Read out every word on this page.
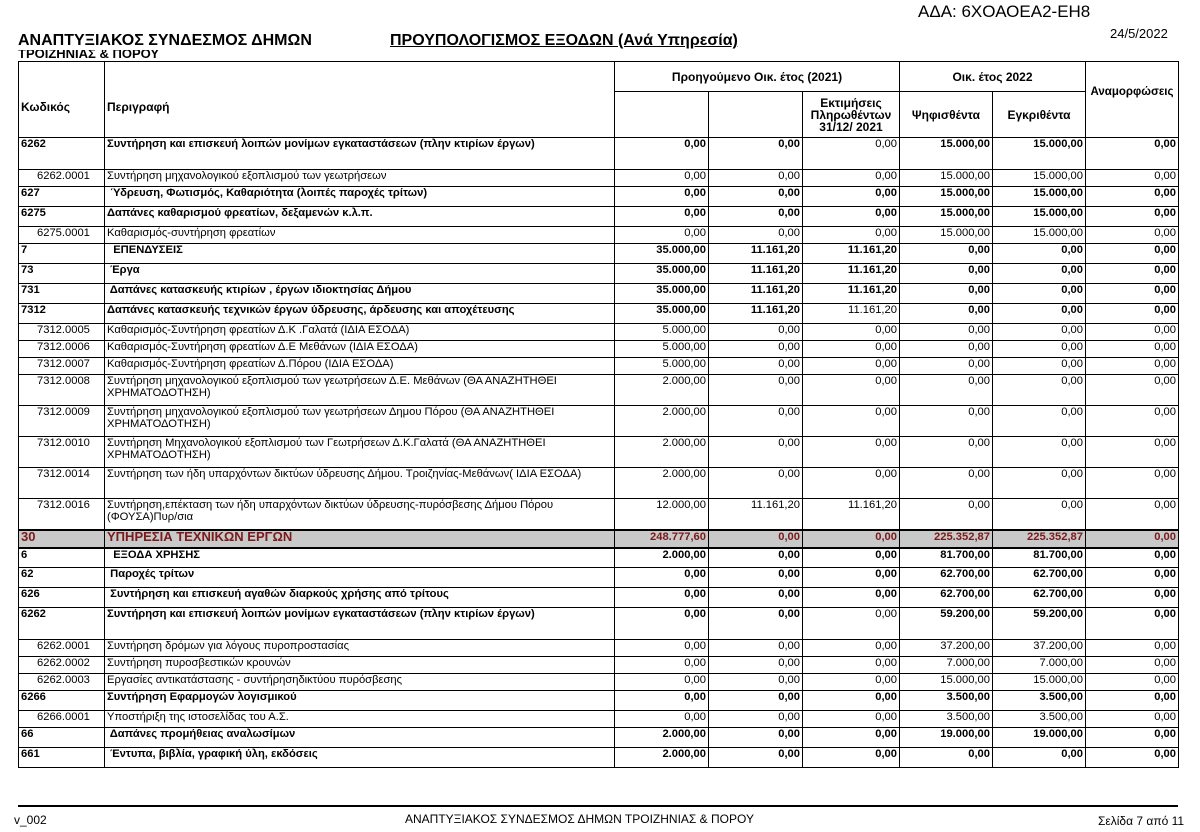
ΑΔΑ: 6ΧΟΑΟΕΑ2-ΕΗ8
24/5/2022
ΑΝΑΠΤΥΞΙΑΚΟΣ ΣΥΝΔΕΣΜΟΣ ΔΗΜΩΝ
ΤΡΟΙΖΗΝΙΑΣ & ΠΟΡΟΥ
ΠΡΟΥΠΟΛΟΓΙΣΜΟΣ ΕΞΟΔΩΝ (Ανά Υπηρεσία)
Κωδικός	Περιγραφή	Προηγούμενο Οικ. έτος (2021)			Οικ. έτος 2022		Αναμορφώσεις
				Εκτιμήσεις Πληρωθέντων 31/12/ 2021	Ψηφισθέντα	Εγκριθέντα	
6262	Συντήρηση και επισκευή λοιπών μονίμων εγκαταστάσεων (πλην κτιρίων έργων)	0,00	0,00	0,00	15.000,00	15.000,00	0,00
6262.0001	Συντήρηση μηχανολογικού εξοπλισμού των γεωτρήσεων	0,00	0,00	0,00	15.000,00	15.000,00	0,00
627	Ύδρευση, Φωτισμός, Καθαριότητα (λοιπές παροχές τρίτων)	0,00	0,00	0,00	15.000,00	15.000,00	0,00
6275	Δαπάνες καθαρισμού φρεατίων, δεξαμενών κ.λ.π.	0,00	0,00	0,00	15.000,00	15.000,00	0,00
6275.0001	Καθαρισμός-συντήρηση φρεατίων	0,00	0,00	0,00	15.000,00	15.000,00	0,00
7	ΕΠΕΝΔΥΣΕΙΣ	35.000,00	11.161,20	11.161,20	0,00	0,00	0,00
73	Έργα	35.000,00	11.161,20	11.161,20	0,00	0,00	0,00
731	Δαπάνες κατασκευής κτιρίων , έργων ιδιοκτησίας Δήμου	35.000,00	11.161,20	11.161,20	0,00	0,00	0,00
7312	Δαπάνες κατασκευής τεχνικών έργων ύδρευσης, άρδευσης και αποχέτευσης	35.000,00	11.161,20	11.161,20	0,00	0,00	0,00
7312.0005	Καθαρισμός-Συντήρηση φρεατίων Δ.Κ .Γαλατά (ΙΔΙΑ ΕΣΟΔΑ)	5.000,00	0,00	0,00	0,00	0,00	0,00
7312.0006	Καθαρισμός-Συντήρηση φρεατίων Δ.Ε Μεθάνων (ΙΔΙΑ ΕΣΟΔΑ)	5.000,00	0,00	0,00	0,00	0,00	0,00
7312.0007	Καθαρισμός-Συντήρηση φρεατίων Δ.Πόρου (ΙΔΙΑ ΕΣΟΔΑ)	5.000,00	0,00	0,00	0,00	0,00	0,00
7312.0008	Συντήρηση μηχανολογικού εξοπλισμού των γεωτρήσεων Δ.Ε. Μεθάνων (ΘΑ ΑΝΑΖΗΤΗΘΕΙ ΧΡΗΜΑΤΟΔΟΤΗΣΗ)	2.000,00	0,00	0,00	0,00	0,00	0,00
7312.0009	Συντήρηση μηχανολογικού εξοπλισμού των γεωτρήσεων Δημου Πόρου (ΘΑ ΑΝΑΖΗΤΗΘΕΙ ΧΡΗΜΑΤΟΔΟΤΗΣΗ)	2.000,00	0,00	0,00	0,00	0,00	0,00
7312.0010	Συντήρηση Μηχανολογικού εξοπλισμού των Γεωτρήσεων Δ.Κ.Γαλατά (ΘΑ ΑΝΑΖΗΤΗΘΕΙ ΧΡΗΜΑΤΟΔΟΤΗΣΗ)	2.000,00	0,00	0,00	0,00	0,00	0,00
7312.0014	Συντήρηση των ήδη υπαρχόντων δικτύων ύδρευσης Δήμου. Τροιζηνίας-Μεθάνων( ΙΔΙΑ ΕΣΟΔΑ)	2.000,00	0,00	0,00	0,00	0,00	0,00
7312.0016	Συντήρηση,επέκταση των ήδη υπαρχόντων δικτύων ύδρευσης-πυρόσβεσης Δήμου Πόρου (ΦΟΥΣΑ)Πυρ/σια	12.000,00	11.161,20	11.161,20	0,00	0,00	0,00
30	ΥΠΗΡΕΣΙΑ ΤΕΧΝΙΚΩΝ ΕΡΓΩΝ	248.777,60	0,00	0,00	225.352,87	225.352,87	0,00
6	ΕΞΟΔΑ ΧΡΗΣΗΣ	2.000,00	0,00	0,00	81.700,00	81.700,00	0,00
62	Παροχές τρίτων	0,00	0,00	0,00	62.700,00	62.700,00	0,00
626	Συντήρηση και επισκευή αγαθών διαρκούς χρήσης από τρίτους	0,00	0,00	0,00	62.700,00	62.700,00	0,00
6262	Συντήρηση και επισκευή λοιπών μονίμων εγκαταστάσεων (πλην κτιρίων έργων)	0,00	0,00	0,00	59.200,00	59.200,00	0,00
6262.0001	Συντήρηση δρόμων για λόγους πυροπροστασίας	0,00	0,00	0,00	37.200,00	37.200,00	0,00
6262.0002	Συντήρηση πυροσβεστικών κρουνών	0,00	0,00	0,00	7.000,00	7.000,00	0,00
6262.0003	Εργασίες αντικατάστασης - συντήρησηδικτύου πυρόσβεσης	0,00	0,00	0,00	15.000,00	15.000,00	0,00
6266	Συντήρηση Εφαρμογών λογισμικού	0,00	0,00	0,00	3.500,00	3.500,00	0,00
6266.0001	Υποστήριξη της ιστοσελίδας του Α.Σ.	0,00	0,00	0,00	3.500,00	3.500,00	0,00
66	Δαπάνες προμήθειας αναλωσίμων	2.000,00	0,00	0,00	19.000,00	19.000,00	0,00
661	Έντυπα, βιβλία, γραφική ύλη, εκδόσεις	2.000,00	0,00	0,00	0,00	0,00	0,00
v_002	ΑΝΑΠΤΥΞΙΑΚΟΣ ΣΥΝΔΕΣΜΟΣ ΔΗΜΩΝ ΤΡΟΙΖΗΝΙΑΣ & ΠΟΡΟΥ	Σελίδα 7 από 11
